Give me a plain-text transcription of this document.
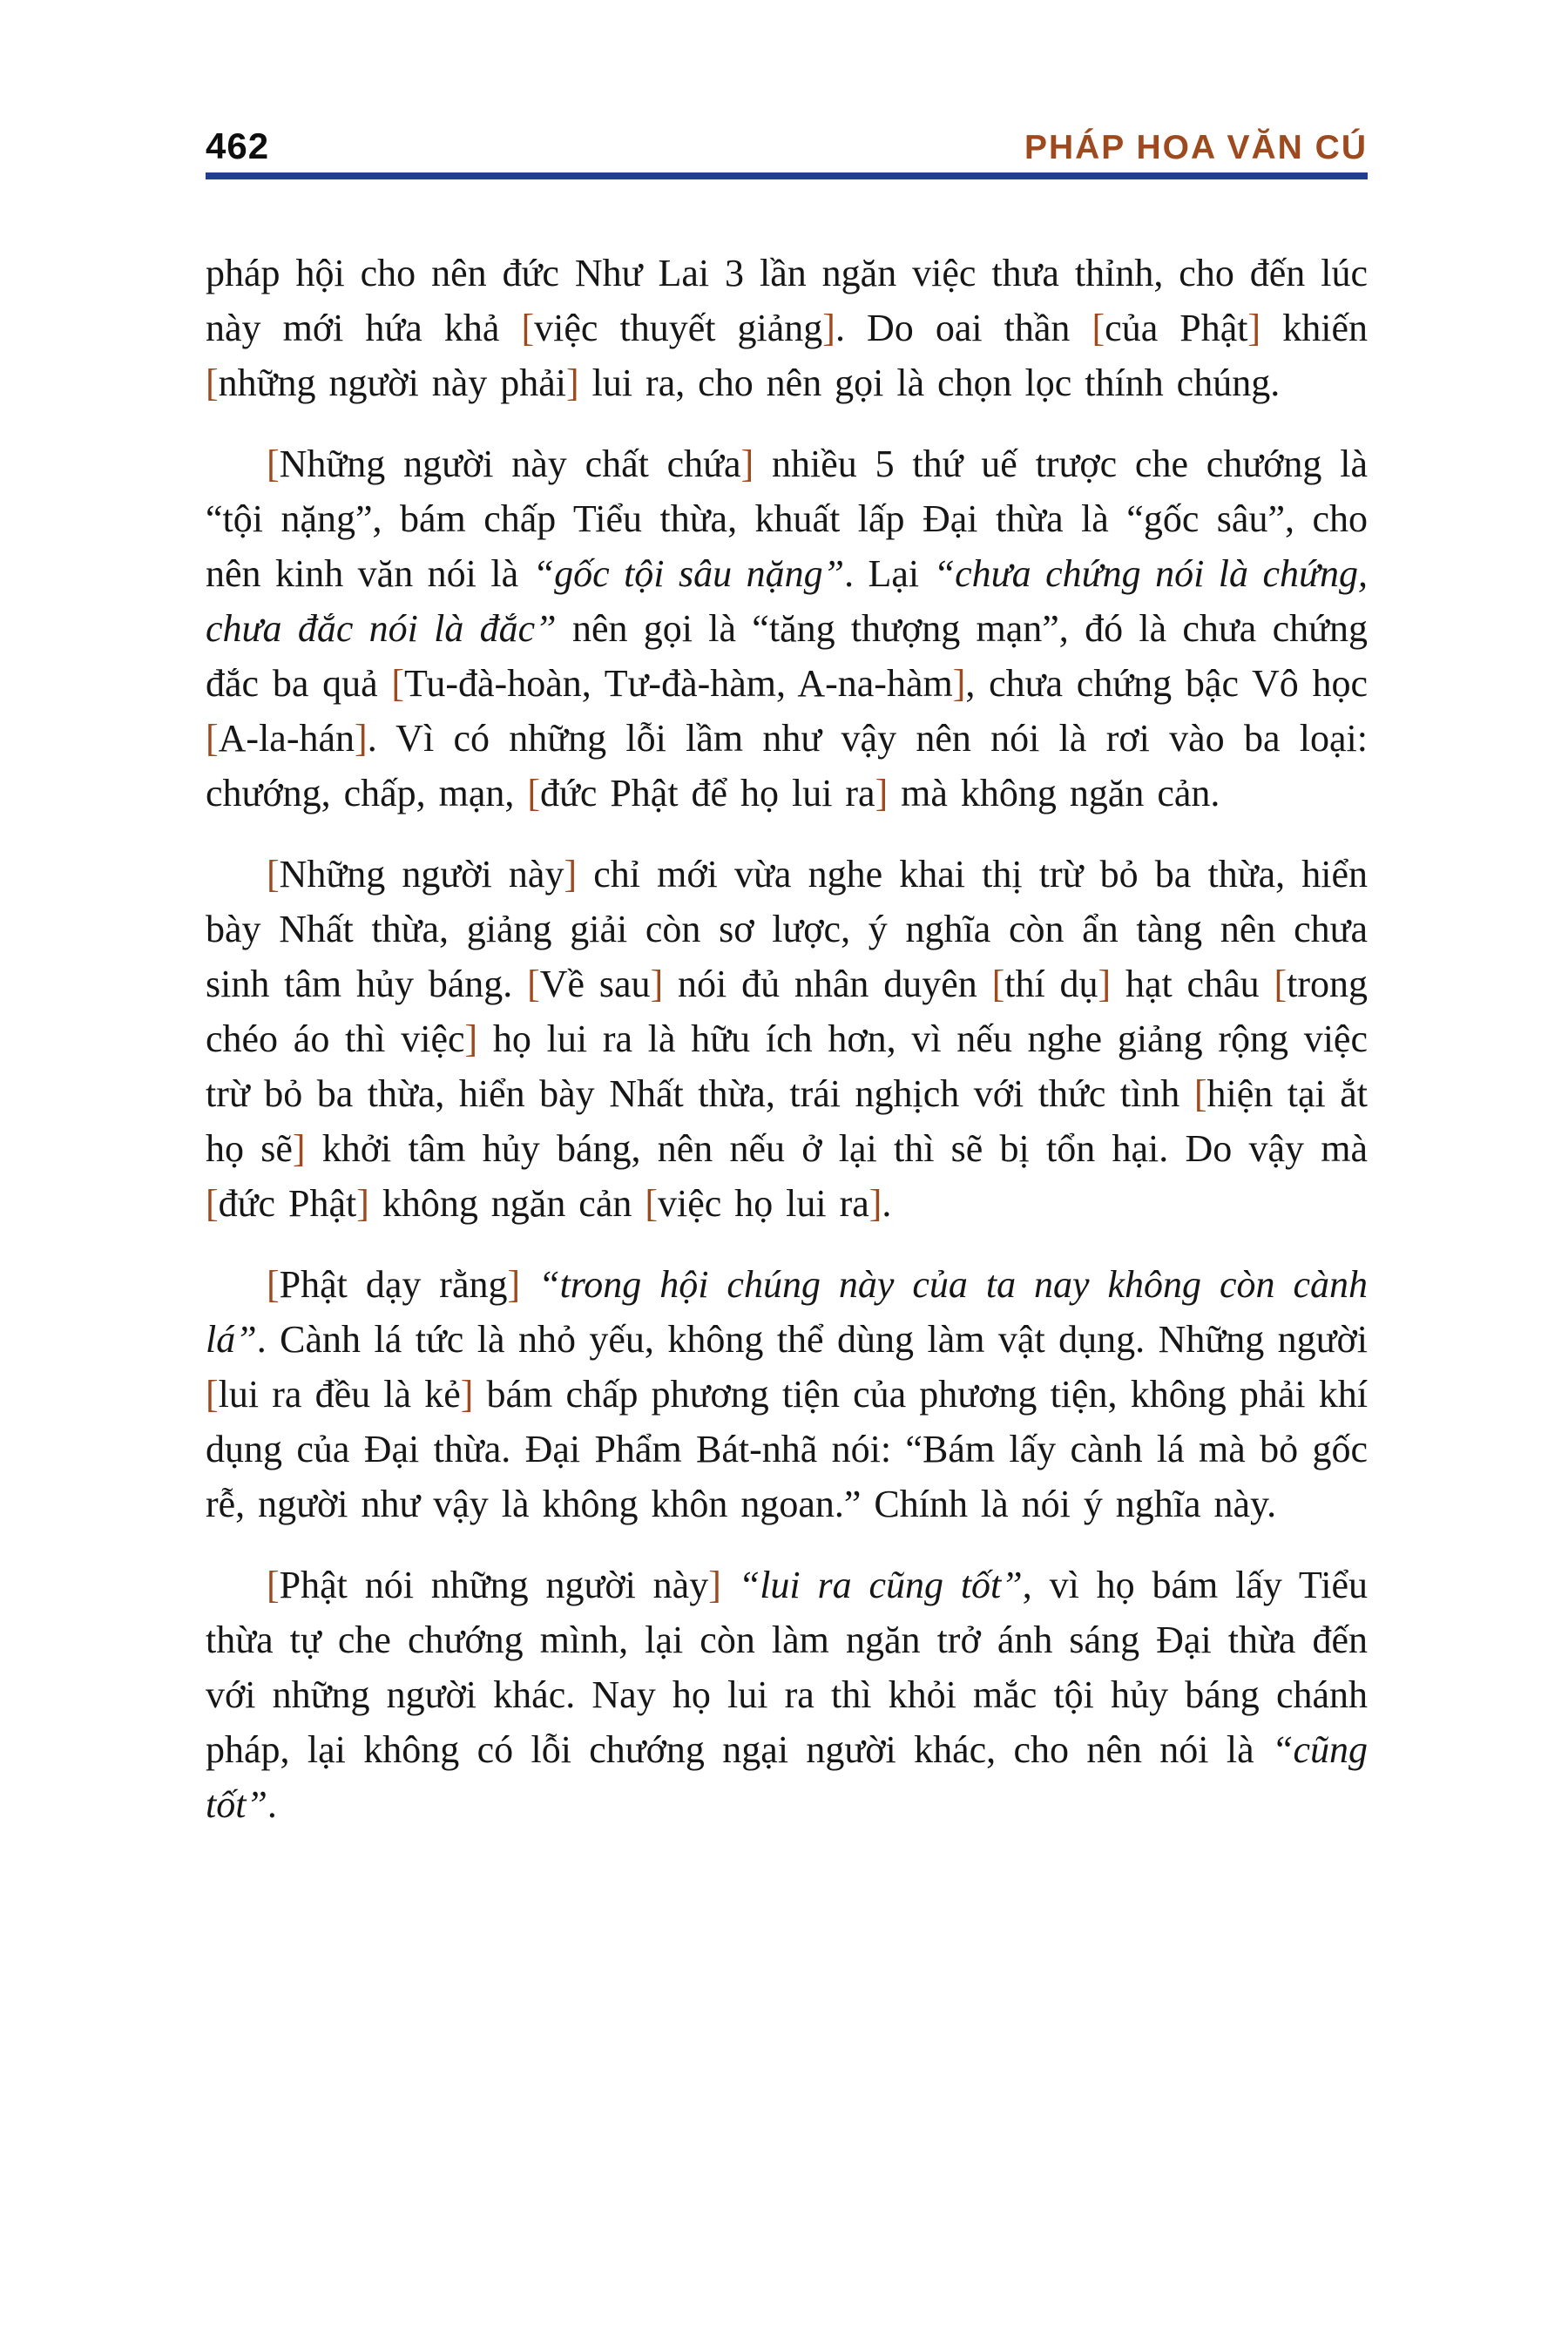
462	PHÁP HOA VĂN CÚ

pháp hội cho nên đức Như Lai 3 lần ngăn việc thưa thỉnh, cho đến lúc này mới hứa khả [việc thuyết giảng]. Do oai thần [của Phật] khiến [những người này phải] lui ra, cho nên gọi là chọn lọc thính chúng.

[Những người này chất chứa] nhiều 5 thứ uế trược che chướng là “tội nặng”, bám chấp Tiểu thừa, khuất lấp Đại thừa là “gốc sâu”, cho nên kinh văn nói là “gốc tội sâu nặng”. Lại “chưa chứng nói là chứng, chưa đắc nói là đắc” nên gọi là “tăng thượng mạn”, đó là chưa chứng đắc ba quả [Tu-đà-hoàn, Tư-đà-hàm, A-na-hàm], chưa chứng bậc Vô học [A-la-hán]. Vì có những lỗi lầm như vậy nên nói là rơi vào ba loại: chướng, chấp, mạn, [đức Phật để họ lui ra] mà không ngăn cản.

[Những người này] chỉ mới vừa nghe khai thị trừ bỏ ba thừa, hiển bày Nhất thừa, giảng giải còn sơ lược, ý nghĩa còn ẩn tàng nên chưa sinh tâm hủy báng. [Về sau] nói đủ nhân duyên [thí dụ] hạt châu [trong chéo áo thì việc] họ lui ra là hữu ích hơn, vì nếu nghe giảng rộng việc trừ bỏ ba thừa, hiển bày Nhất thừa, trái nghịch với thức tình [hiện tại ắt họ sẽ] khởi tâm hủy báng, nên nếu ở lại thì sẽ bị tổn hại. Do vậy mà [đức Phật] không ngăn cản [việc họ lui ra].

[Phật dạy rằng] “trong hội chúng này của ta nay không còn cành lá”. Cành lá tức là nhỏ yếu, không thể dùng làm vật dụng. Những người [lui ra đều là kẻ] bám chấp phương tiện của phương tiện, không phải khí dụng của Đại thừa. Đại Phẩm Bát-nhã nói: “Bám lấy cành lá mà bỏ gốc rễ, người như vậy là không khôn ngoan.” Chính là nói ý nghĩa này.

[Phật nói những người này] “lui ra cũng tốt”, vì họ bám lấy Tiểu thừa tự che chướng mình, lại còn làm ngăn trở ánh sáng Đại thừa đến với những người khác. Nay họ lui ra thì khỏi mắc tội hủy báng chánh pháp, lại không có lỗi chướng ngại người khác, cho nên nói là “cũng tốt”.
